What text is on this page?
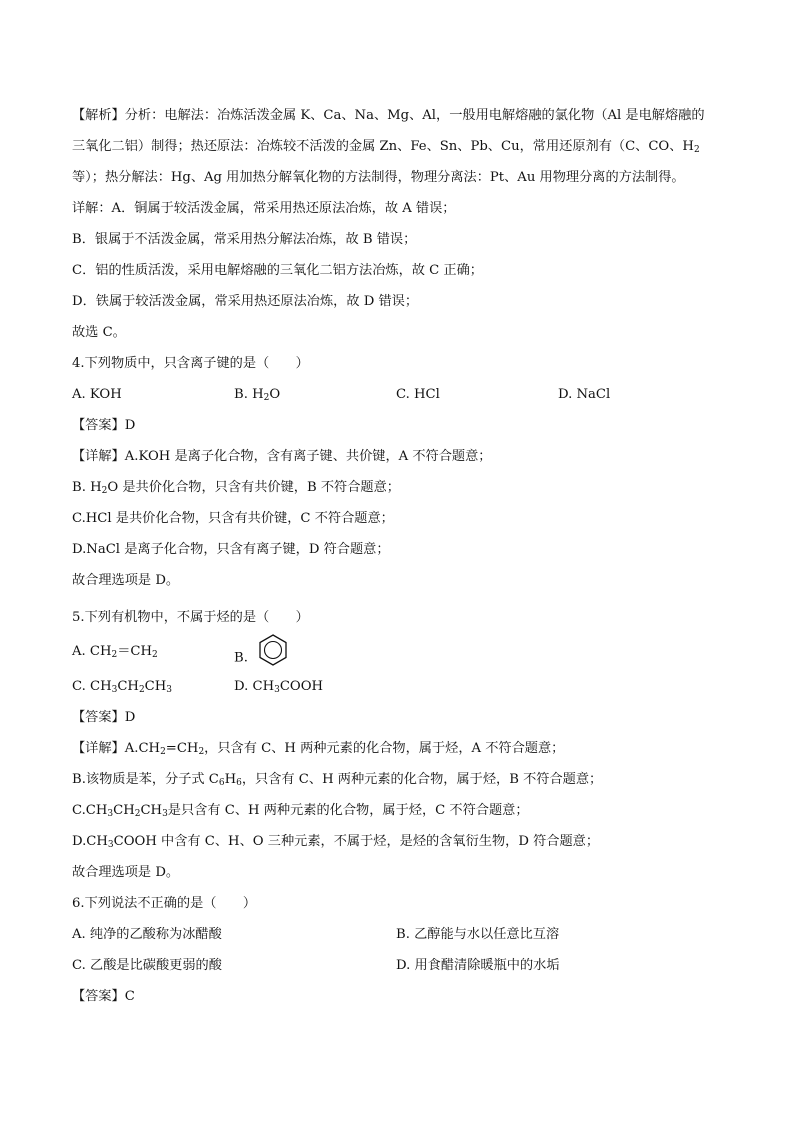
【解析】分析：电解法：冶炼活泼金属 K、Ca、Na、Mg、Al，一般用电解熔融的氯化物（Al 是电解熔融的
三氧化二铝）制得；热还原法：冶炼较不活泼的金属 Zn、Fe、Sn、Pb、Cu，常用还原剂有（C、CO、$H_2$
等）；热分解法：Hg、Ag 用加热分解氧化物的方法制得，物理分离法：Pt、Au 用物理分离的方法制得。
详解：A．铜属于较活泼金属，常采用热还原法冶炼，故 A 错误；
B．银属于不活泼金属，常采用热分解法冶炼，故 B 错误；
C．铝的性质活泼，采用电解熔融的三氧化二铝方法冶炼，故 C 正确；
D．铁属于较活泼金属，常采用热还原法冶炼，故 D 错误；
故选 C。
4.下列物质中，只含离子键的是（　　）
A. KOH	B. $H_2O$	C. HCl	D. NaCl
【答案】D
【详解】A.KOH 是离子化合物，含有离子键、共价键，A 不符合题意；
B. $H_2O$ 是共价化合物，只含有共价键，B 不符合题意；
C.HCl 是共价化合物，只含有共价键，C 不符合题意；
D.NaCl 是离子化合物，只含有离子键，D 符合题意；
故合理选项是 D。
5.下列有机物中，不属于烃的是（　　）
A. $CH_2=CH_2$	B.
C. $CH_3CH_2CH_3$	D. $CH_3COOH$
【答案】D
【详解】$A.CH_2=CH_2$，只含有 C、H 两种元素的化合物，属于烃，A 不符合题意；
B.该物质是苯，分子式 $C_6H_6$，只含有 C、H 两种元素的化合物，属于烃，B 不符合题意；
$C.CH_3CH_2CH_3$是只含有 C、H 两种元素的化合物，属于烃，C 不符合题意；
$D.CH_3COOH$ 中含有 C、H、O 三种元素，不属于烃，是烃的含氧衍生物，D 符合题意；
故合理选项是 D。
6.下列说法不正确的是（　　）
A. 纯净的乙酸称为冰醋酸	B. 乙醇能与水以任意比互溶
C. 乙酸是比碳酸更弱的酸	D. 用食醋清除暖瓶中的水垢
【答案】C
